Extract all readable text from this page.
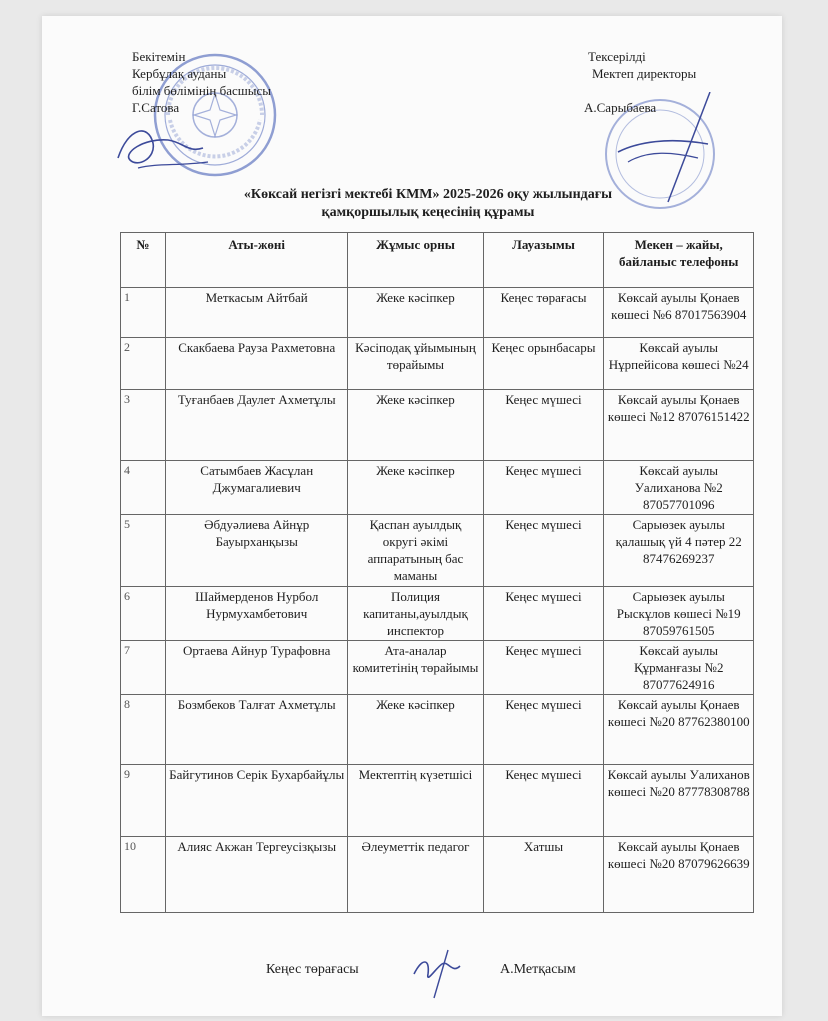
Бекітемін
Кербұлақ ауданы
білім бөлімінің басшысы
Г.Сатова
Тексерілді
Мектеп директоры
А.Сарыбаева
«Көксай негізгі мектебі КММ» 2025-2026 оқу жылындағы
қамқоршылық кеңесінің құрамы
№	Аты-жөні	Жұмыс орны	Лауазымы	Мекен – жайы, байланыс телефоны
1	Меткасым Айтбай	Жеке кәсіпкер	Кеңес төрағасы	Көксай ауылы Қонаев көшесі №6 87017563904
2	Скакбаева Рауза Рахметовна	Кәсіподақ ұйымының төрайымы	Кеңес орынбасары	Көксай ауылы Нұрпейісова көшесі №24
3	Туғанбаев Даулет Ахметұлы	Жеке кәсіпкер	Кеңес мүшесі	Көксай ауылы Қонаев көшесі №12 87076151422
4	Сатымбаев Жасұлан Джумагалиевич	Жеке кәсіпкер	Кеңес мүшесі	Көксай ауылы Уалиханова №2 87057701096
5	Әбдуәлиева Айнұр Бауырханқызы	Қаспан ауылдық округі әкімі аппаратының бас маманы	Кеңес мүшесі	Сарыөзек ауылы қалашық үй 4 пәтер 22 87476269237
6	Шаймерденов Нурбол Нурмухамбетович	Полиция капитаны,ауылдық инспектор	Кеңес мүшесі	Сарыөзек ауылы Рыскұлов көшесі №19 87059761505
7	Ортаева Айнур Турафовна	Ата-аналар комитетінің төрайымы	Кеңес мүшесі	Көксай ауылы Құрманғазы №2 87077624916
8	Бозмбеков Талғат Ахметұлы	Жеке кәсіпкер	Кеңес мүшесі	Көксай ауылы Қонаев көшесі №20 87762380100
9	Байгутинов Серік Бухарбайұлы	Мектептің күзетшісі	Кеңес мүшесі	Көксай ауылы Уалиханов көшесі №20 87778308788
10	Алияс Акжан Тергеусізқызы	Әлеуметтік педагог	Хатшы	Көксай ауылы Қонаев көшесі №20 87079626639
Кеңес төрағасы	А.Метқасым
